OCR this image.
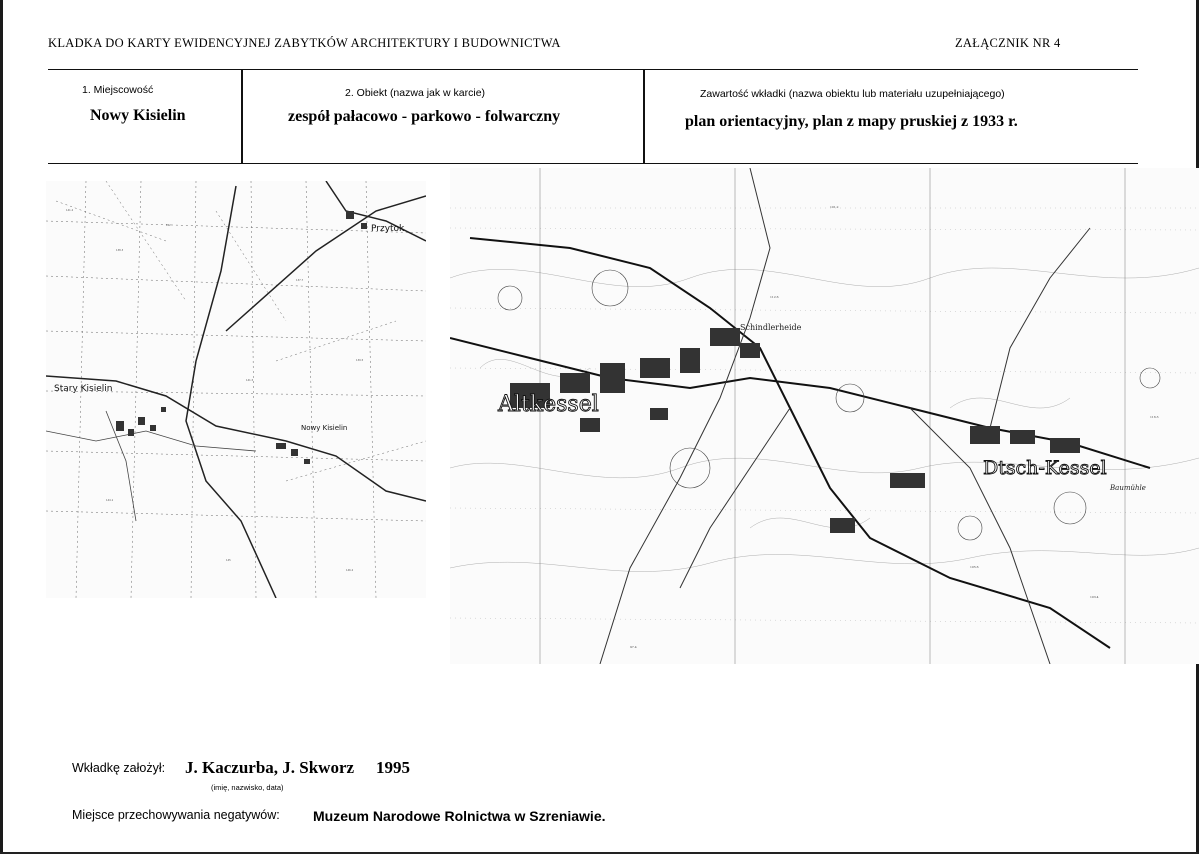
KLADKA DO KARTY EWIDENCYJNEJ ZABYTKÓW ARCHITEKTURY I BUDOWNICTWA	ZAŁĄCZNIK NR 4
1. Miejscowość
Nowy Kisielin
2. Obiekt (nazwa jak w karcie)
zespół pałacowo - parkowo - folwarczny
Zawartość wkładki (nazwa obiektu lub materiału uzupełniającego)
plan orientacyjny, plan z mapy pruskiej z 1933 r.
141.2
138.3
142
137.7
139.5
144.1
145
146.2
141.5
Przytok
Stary Kisielin
Nowy Kisielin
101.2
105.6
97.4
103.4
112.6
116.3
Altkessel
Dtsch-Kessel
Schindlerheide
Baumühle
Wkładkę założył: J. Kaczurba, J. Skworz 1995
(imię, nazwisko, data)
Miejsce przechowywania negatywów: Muzeum Narodowe Rolnictwa w Szreniawie.
